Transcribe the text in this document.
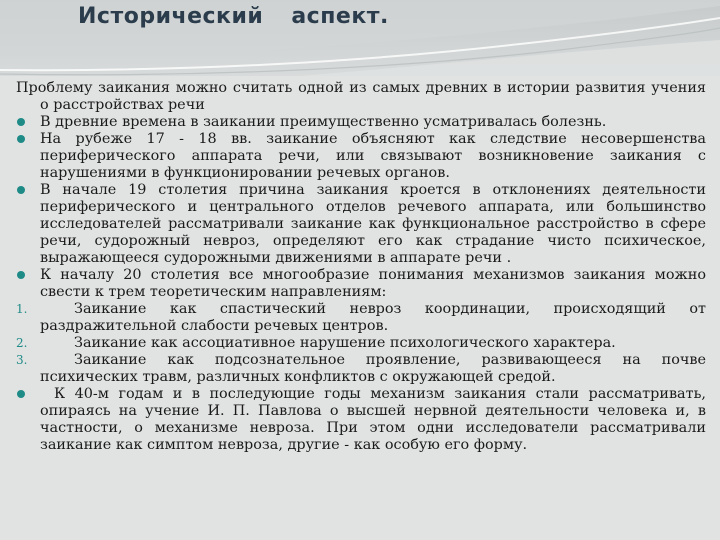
Исторический аспект.
Проблему заикания можно считать одной из самых древних в истории развития учения о расстройствах речи
В древние времена в заикании преимущественно усматривалась болезнь.
На рубеже 17 - 18 вв. заикание объясняют как следствие несовершенства периферического аппарата речи, или связывают возникновение заикания с нарушениями в функционировании речевых органов.
В начале 19 столетия причина заикания кроется в отклонениях деятельности периферического и центрального отделов речевого аппарата, или большинство исследователей рассматривали заикание как функциональное расстройство в сфере речи, судорожный невроз, определяют его как страдание чисто психическое, выражающееся судорожными движениями в аппарате речи .
К началу 20 столетия все многообразие понимания механизмов заикания можно свести к трем теоретическим направлениям:
1.	Заикание как спастический невроз координации, происходящий от раздражительной слабости речевых центров.
2.	Заикание как ассоциативное нарушение психологического характера.
3.	Заикание как подсознательное проявление, развивающееся на почве психических травм, различных конфликтов с окружающей средой.
К 40-м годам и в последующие годы механизм заикания стали рассматривать, опираясь на учение И. П. Павлова о высшей нервной деятельности человека и, в частности, о механизме невроза. При этом одни исследователи рассматривали заикание как симптом невроза, другие - как особую его форму.
